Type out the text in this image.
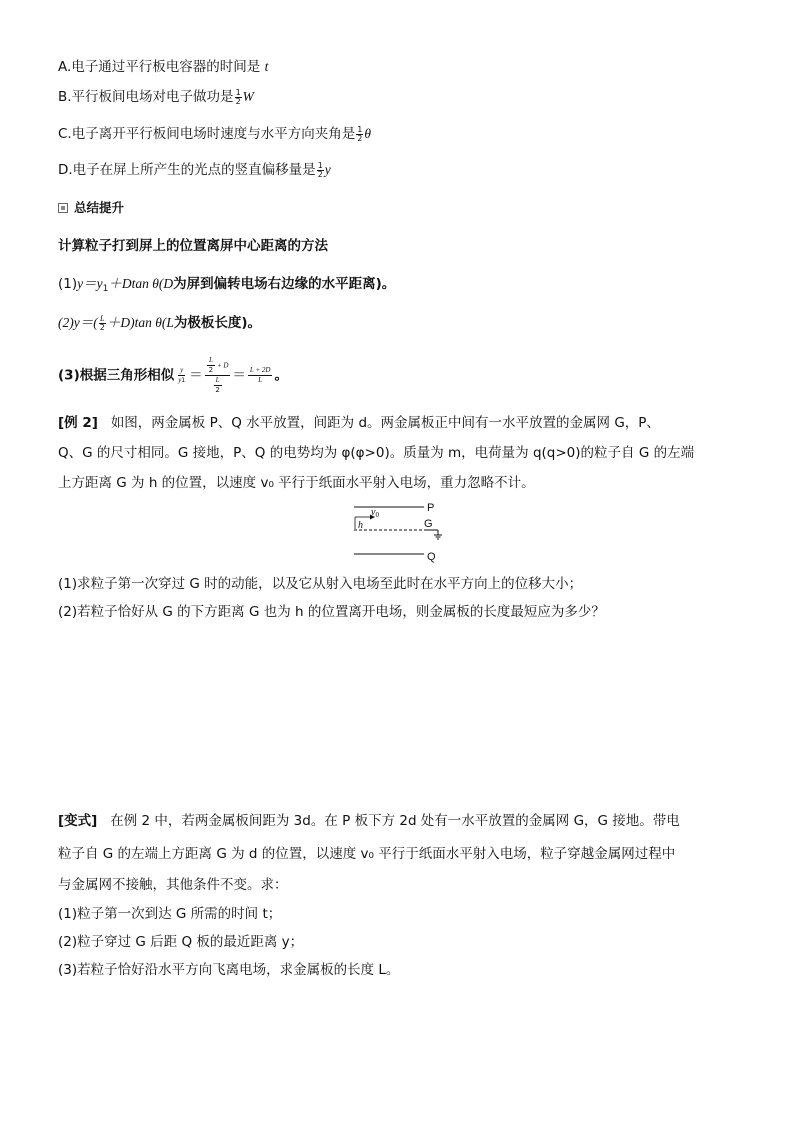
A.电子通过平行板电容器的时间是 t
B.平行板间电场对电子做功是 $\frac{1}{2}$ W
C.电子离开平行板间电场时速度与水平方向夹角是 $\frac{1}{2}$ θ
D.电子在屏上所产生的光点的竖直偏移量是 $\frac{1}{2}$ y
总结提升
计算粒子打到屏上的位置离屏中心距离的方法
$(1)y=y_1+Dtan$ θ(D为屏到偏转电场右边缘的水平距离)。
$(2)y=( \frac{L}{2} +D)\tan$ θ(L为极板长度)。
(3)根据三角形相似 $\frac{y}{y1} = \frac{\frac{L}{2} + D}{\frac{L}{2}} = \frac{L + 2D}{L}$ 。
[例 2] 如图，两金属板 P、Q 水平放置，间距为 d。两金属板正中间有一水平放置的金属网 G，P、
Q、G 的尺寸相同。G 接地，P、Q 的电势均为 φ(φ>0)。质量为 m，电荷量为 q(q>0)的粒子自 G 的左端
上方距离 G 为 h 的位置，以速度 v₀ 平行于纸面水平射入电场，重力忽略不计。
P
G
Q
$v_0$
h
(1)求粒子第一次穿过 G 时的动能，以及它从射入电场至此时在水平方向上的位移大小；
(2)若粒子恰好从 G 的下方距离 G 也为 h 的位置离开电场，则金属板的长度最短应为多少？
[变式] 在例 2 中，若两金属板间距为 3d。在 P 板下方 2d 处有一水平放置的金属网 G，G 接地。带电
粒子自 G 的左端上方距离 G 为 d 的位置，以速度 v₀ 平行于纸面水平射入电场，粒子穿越金属网过程中
与金属网不接触，其他条件不变。求：
(1)粒子第一次到达 G 所需的时间 t；
(2)粒子穿过 G 后距 Q 板的最近距离 y；
(3)若粒子恰好沿水平方向飞离电场，求金属板的长度 L。
